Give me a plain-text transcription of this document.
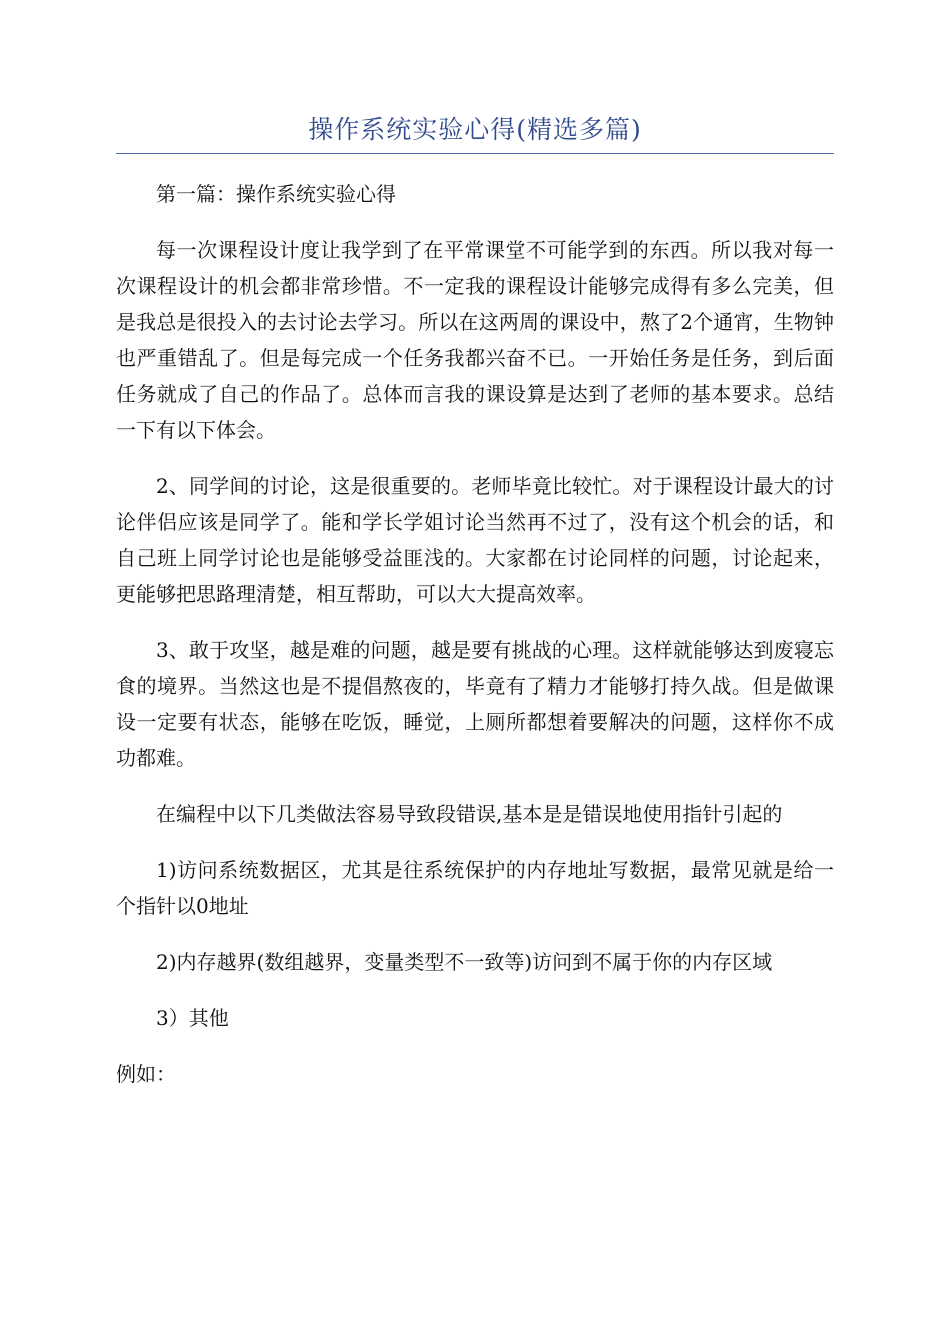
操作系统实验心得(精选多篇)

第一篇：操作系统实验心得

每一次课程设计度让我学到了在平常课堂不可能学到的东西。所以我对每一次课程设计的机会都非常珍惜。不一定我的课程设计能够完成得有多么完美，但是我总是很投入的去讨论去学习。所以在这两周的课设中，熬了2个通宵，生物钟也严重错乱了。但是每完成一个任务我都兴奋不已。一开始任务是任务，到后面任务就成了自己的作品了。总体而言我的课设算是达到了老师的基本要求。总结一下有以下体会。

2、同学间的讨论，这是很重要的。老师毕竟比较忙。对于课程设计最大的讨论伴侣应该是同学了。能和学长学姐讨论当然再不过了，没有这个机会的话，和自己班上同学讨论也是能够受益匪浅的。大家都在讨论同样的问题，讨论起来，更能够把思路理清楚，相互帮助，可以大大提高效率。

3、敢于攻坚，越是难的问题，越是要有挑战的心理。这样就能够达到废寝忘食的境界。当然这也是不提倡熬夜的，毕竟有了精力才能够打持久战。但是做课设一定要有状态，能够在吃饭，睡觉，上厕所都想着要解决的问题，这样你不成功都难。

在编程中以下几类做法容易导致段错误,基本是是错误地使用指针引起的

1)访问系统数据区，尤其是往系统保护的内存地址写数据，最常见就是给一个指针以0地址

2)内存越界(数组越界，变量类型不一致等)访问到不属于你的内存区域

3）其他

例如：
